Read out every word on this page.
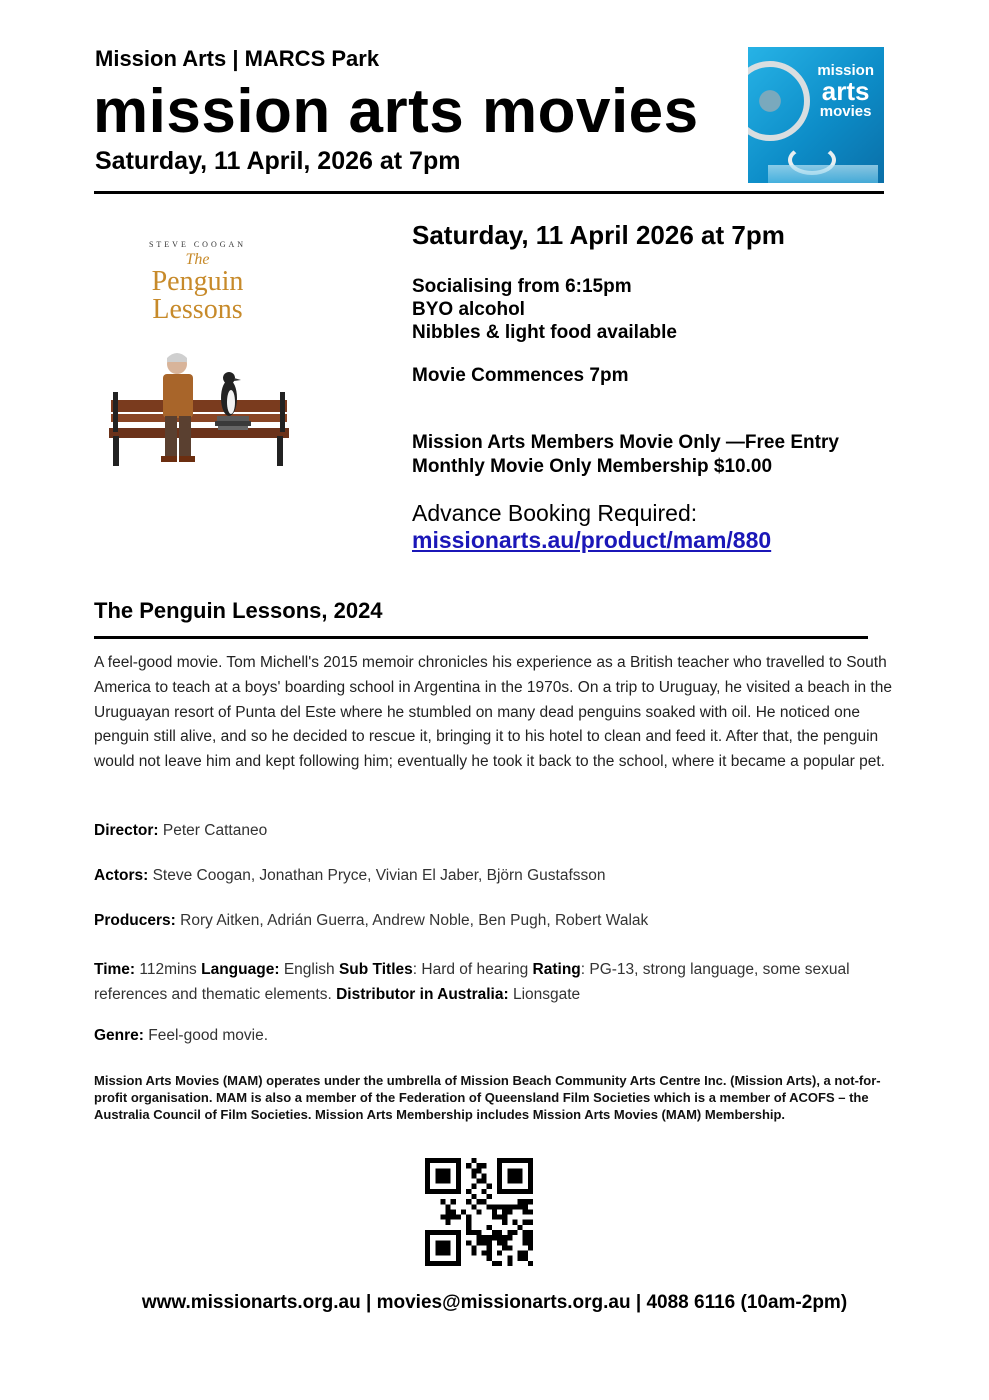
Mission Arts | MARCS Park
mission arts movies
Saturday, 11 April, 2026 at 7pm
mission
arts
movies
STEVE COOGAN
The
Penguin
Lessons
Saturday, 11 April 2026 at 7pm
Socialising from 6:15pm
BYO alcohol
Nibbles & light food available
Movie Commences 7pm
Mission Arts Members Movie Only —Free Entry
Monthly Movie Only Membership $10.00
Advance Booking Required:
missionarts.au/product/mam/880
The Penguin Lessons, 2024
A feel-good movie. Tom Michell's 2015 memoir chronicles his experience as a British teacher who travelled to South America to teach at a boys' boarding school in Argentina in the 1970s. On a trip to Uruguay, he visited a beach in the Uruguayan resort of Punta del Este where he stumbled on many dead penguins soaked with oil. He noticed one penguin still alive, and so he decided to rescue it, bringing it to his hotel to clean and feed it. After that, the penguin would not leave him and kept following him; eventually he took it back to the school, where it became a popular pet.
Director: Peter Cattaneo
Actors: Steve Coogan, Jonathan Pryce, Vivian El Jaber, Björn Gustafsson
Producers: Rory Aitken, Adrián Guerra, Andrew Noble, Ben Pugh, Robert Walak
Time: 112mins Language: English Sub Titles: Hard of hearing Rating: PG-13, strong language, some sexual references and thematic elements. Distributor in Australia: Lionsgate
Genre: Feel-good movie.
Mission Arts Movies (MAM) operates under the umbrella of Mission Beach Community Arts Centre Inc. (Mission Arts), a not-for-profit organisation. MAM is also a member of the Federation of Queensland Film Societies which is a member of ACOFS – the Australia Council of Film Societies. Mission Arts Membership includes Mission Arts Movies (MAM) Membership.
www.missionarts.org.au | movies@missionarts.org.au | 4088 6116 (10am-2pm)
